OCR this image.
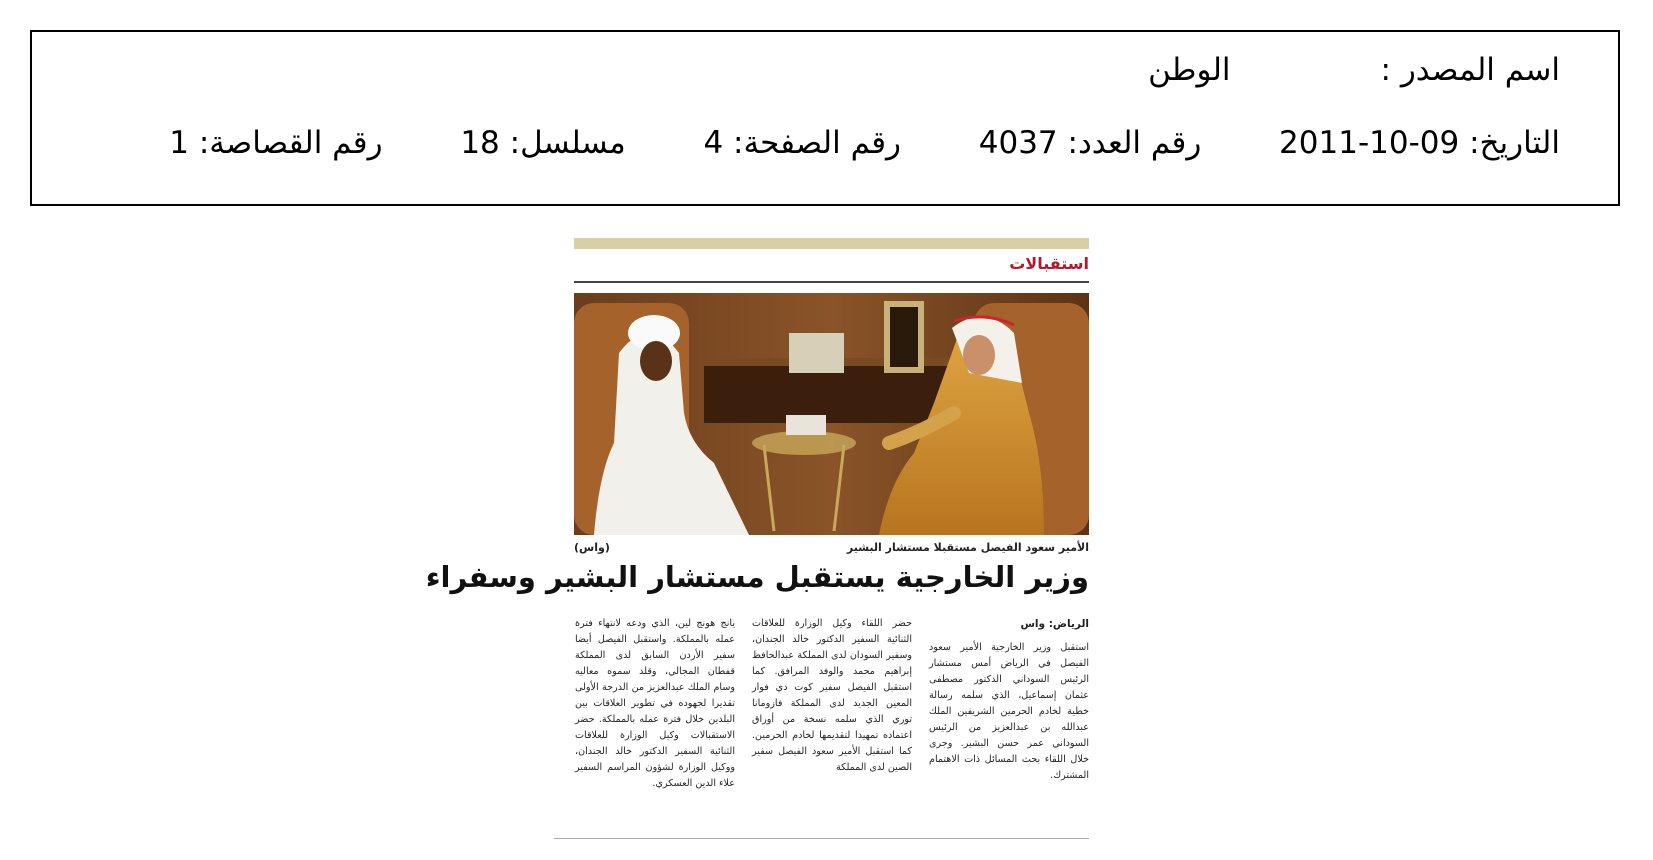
اسم المصدر :الوطن
التاريخ: 2011-10-09  رقم العدد: 4037  رقم الصفحة: 4  مسلسل: 18  رقم القصاصة: 1
استقبالات
الأمير سعود الفيصل مستقبلا مستشار البشير
(واس)
وزير الخارجية يستقبل مستشار البشير وسفراء

الرياض: واس

استقبل وزير الخارجية الأمير سعود الفيصل في الرياض أمس مستشار الرئيس السوداني الدكتور مصطفى عثمان إسماعيل، الذي سلمه رسالة خطية لخادم الحرمين الشريفين الملك عبدالله بن عبدالعزيز من الرئيس السوداني عمر حسن البشير. وجرى خلال اللقاء بحث المسائل ذات الاهتمام المشترك.

حضر اللقاء وكيل الوزارة للعلاقات الثنائية السفير الدكتور خالد الجندان، وسفير السودان لدى المملكة عبدالحافظ إبراهيم محمد والوفد المرافق. كما استقبل الفيصل سفير كوت دي فوار المعين الجديد لدى المملكة فازومانا توري الذي سلمه نسخة من أوراق اعتماده تمهيدا لتقديمها لخادم الحرمين. كما استقبل الأمير سعود الفيصل سفير الصين لدى المملكة

يانج هونج لين، الذي ودعه لانتهاء فترة عمله بالمملكة. واستقبل الفيصل أيضا سفير الأردن السابق لدى المملكة قفطان المجالي، وقلد سموه معاليه وسام الملك عبدالعزيز من الدرجة الأولى تقديرا لجهوده في تطوير العلاقات بين البلدين خلال فترة عمله بالمملكة. حضر الاستقبالات وكيل الوزارة للعلاقات الثنائية السفير الدكتور خالد الجندان، ووكيل الوزارة لشؤون المراسم السفير علاء الدين العسكري.
